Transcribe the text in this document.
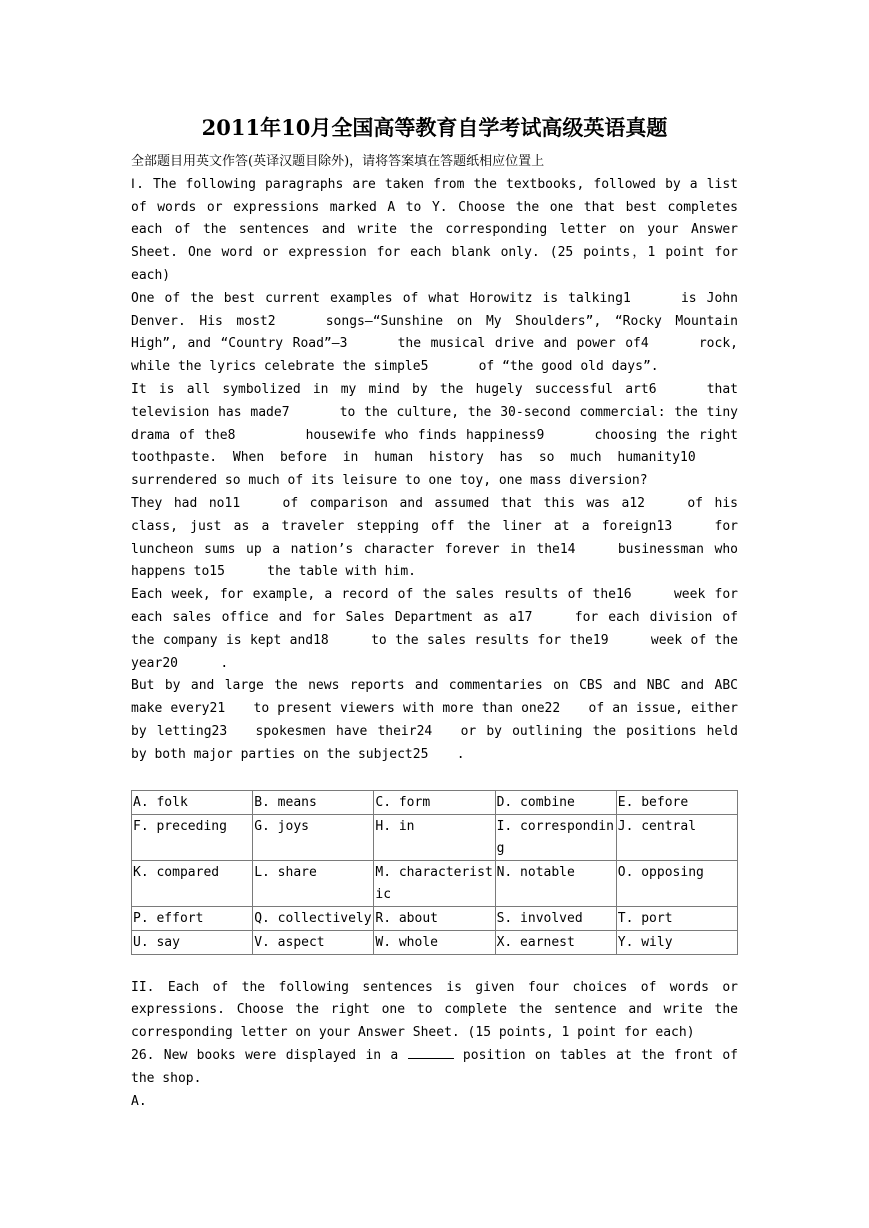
2011年10月全国高等教育自学考试高级英语真题

全部题目用英文作答(英译汉题目除外)，请将答案填在答题纸相应位置上

Ⅰ. The following paragraphs are taken from the textbooks, followed by a list of words or expressions marked A to Y. Choose the one that best completes each of the sentences and write the corresponding letter on your Answer Sheet. One word or expression for each blank only. (25 points，1 point for each)

One of the best current examples of what Horowitz is talking1	is John Denver. His most2	songs—“Sunshine on My Shoulders”, “Rocky Mountain High”, and “Country Road”—3	the musical drive and power of4	rock, while the lyrics celebrate the simple5	of “the good old days”.

It is all symbolized in my mind by the hugely successful art6	that television has made7	to the culture, the 30-second commercial: the tiny drama of the8	housewife who finds happiness9	choosing the right toothpaste. When before in human history has so much humanity10surrendered so much of its leisure to one toy, one mass diversion?

They had no11	of comparison and assumed that this was a12	of his class, just as a traveler stepping off the liner at a foreign13	for luncheon sums up a nation’s character forever in the14	businessman who happens to15	the table with him.

Each week, for example, a record of the sales results of the16	week for each sales office and for Sales Department as a17	for each division of the company is kept and18	to the sales results for the19	week of the year20	.

But by and large the news reports and commentaries on CBS and NBC and ABC make every21 to present viewers with more than one22 of an issue, either by letting23 spokesmen have their24 or by outlining the positions held by both major parties on the subject25 .

A. folk	B. means	C. form	D. combine	E. before
F. preceding	G. joys	H. in	I. corresponding	J. central
K. compared	L. share	M. characteristic	N. notable	O. opposing
P. effort	Q. collectively	R. about	S. involved	T. port
U. say	V. aspect	W. whole	X. earnest	Y. wily

II. Each of the following sentences is given four choices of words or expressions. Choose the right one to complete the sentence and write the corresponding letter on your Answer Sheet. (15 points, 1 point for each)

26. New books were displayed in a	position on tables at the front of the shop.

A.
